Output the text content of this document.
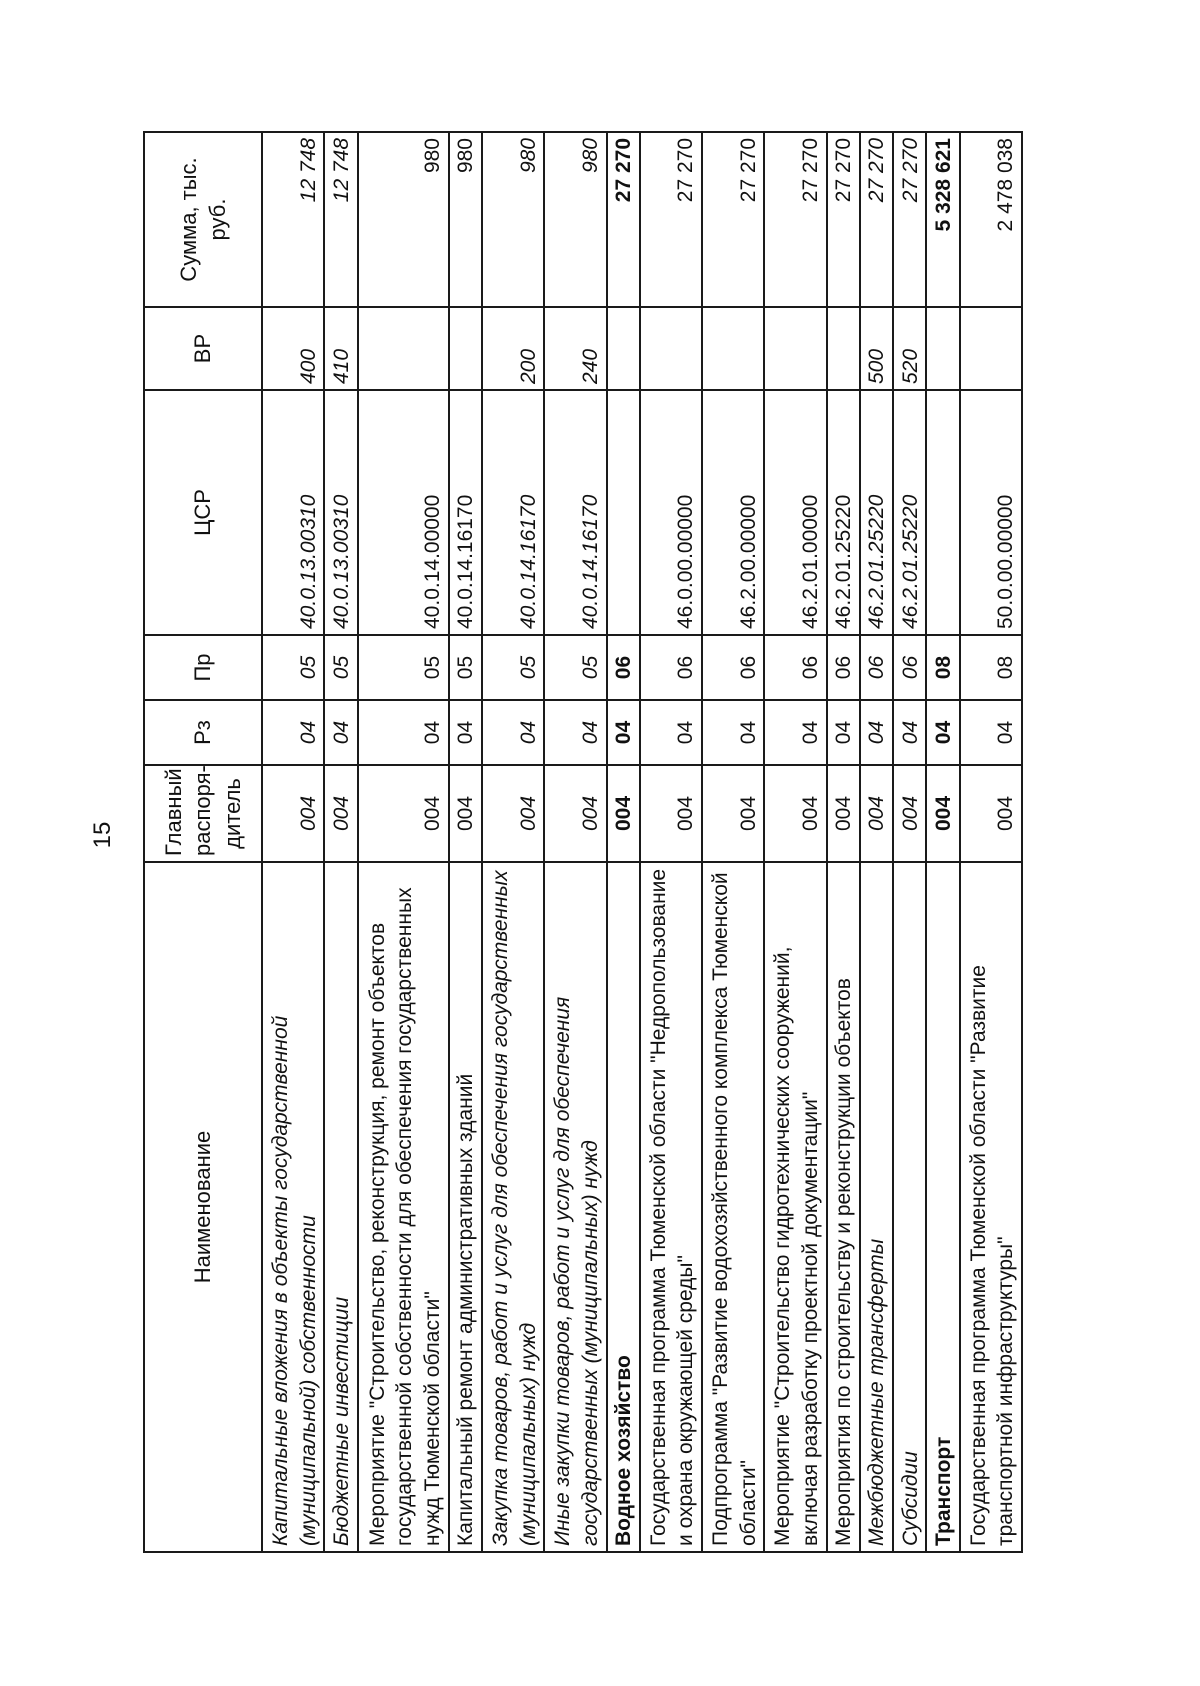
15
Наименование	Главный распоря-дитель	Рз	Пр	ЦСР	ВР	Сумма, тыс. руб.
Капитальные вложения в объекты государственной (муниципальной) собственности	004	04	05	40.0.13.00310	400	12 748
Бюджетные инвестиции	004	04	05	40.0.13.00310	410	12 748
Мероприятие "Строительство, реконструкция, ремонт объектов государственной собственности для обеспечения государственных нужд Тюменской области"	004	04	05	40.0.14.00000		980
Капитальный ремонт административных зданий	004	04	05	40.0.14.16170		980
Закупка товаров, работ и услуг для обеспечения государственных (муниципальных) нужд	004	04	05	40.0.14.16170	200	980
Иные закупки товаров, работ и услуг для обеспечения государственных (муниципальных) нужд	004	04	05	40.0.14.16170	240	980
Водное хозяйство	004	04	06			27 270
Государственная программа Тюменской области "Недропользование и охрана окружающей среды"	004	04	06	46.0.00.00000		27 270
Подпрограмма "Развитие водохозяйственного комплекса Тюменской области"	004	04	06	46.2.00.00000		27 270
Мероприятие "Строительство гидротехнических сооружений, включая разработку проектной документации"	004	04	06	46.2.01.00000		27 270
Мероприятия по строительству и реконструкции объектов	004	04	06	46.2.01.25220		27 270
Межбюджетные трансферты	004	04	06	46.2.01.25220	500	27 270
Субсидии	004	04	06	46.2.01.25220	520	27 270
Транспорт	004	04	08			5 328 621
Государственная программа Тюменской области "Развитие транспортной инфраструктуры"	004	04	08	50.0.00.00000		2 478 038
